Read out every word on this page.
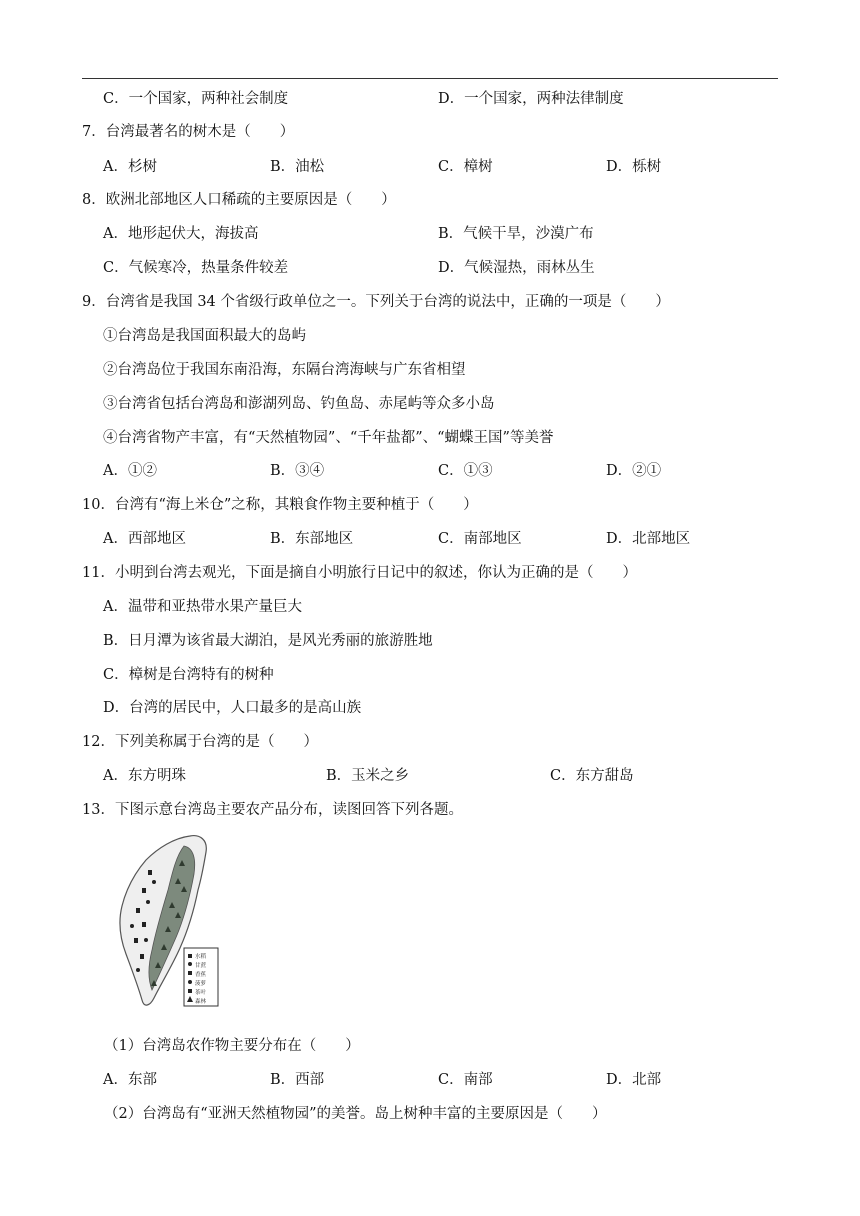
C．一个国家，两种社会制度	D．一个国家，两种法律制度
7．台湾最著名的树木是（　　）
A．杉树	B．油松	C．樟树	D．栎树
8．欧洲北部地区人口稀疏的主要原因是（　　）
A．地形起伏大，海拔高	B．气候干旱，沙漠广布
C．气候寒冷，热量条件较差	D．气候湿热，雨林丛生
9．台湾省是我国 34 个省级行政单位之一。下列关于台湾的说法中，正确的一项是（　　）
①台湾岛是我国面积最大的岛屿
②台湾岛位于我国东南沿海，东隔台湾海峡与广东省相望
③台湾省包括台湾岛和澎湖列岛、钓鱼岛、赤尾屿等众多小岛
④台湾省物产丰富，有“天然植物园”、“千年盐都”、“蝴蝶王国”等美誉
A．①②	B．③④	C．①③	D．②①
10．台湾有“海上米仓”之称，其粮食作物主要种植于（　　）
A．西部地区	B．东部地区	C．南部地区	D．北部地区
11．小明到台湾去观光，下面是摘自小明旅行日记中的叙述，你认为正确的是（　　）
A．温带和亚热带水果产量巨大
B．日月潭为该省最大湖泊，是风光秀丽的旅游胜地
C．樟树是台湾特有的树种
D．台湾的居民中，人口最多的是高山族
12．下列美称属于台湾的是（　　）
A．东方明珠	B．玉米之乡	C．东方甜岛
13．下图示意台湾岛主要农产品分布，读图回答下列各题。
水稻
甘蔗
香蕉
菠萝
茶叶
森林
（1）台湾岛农作物主要分布在（　　）
A．东部	B．西部	C．南部	D．北部
（2）台湾岛有“亚洲天然植物园”的美誉。岛上树种丰富的主要原因是（　　）
